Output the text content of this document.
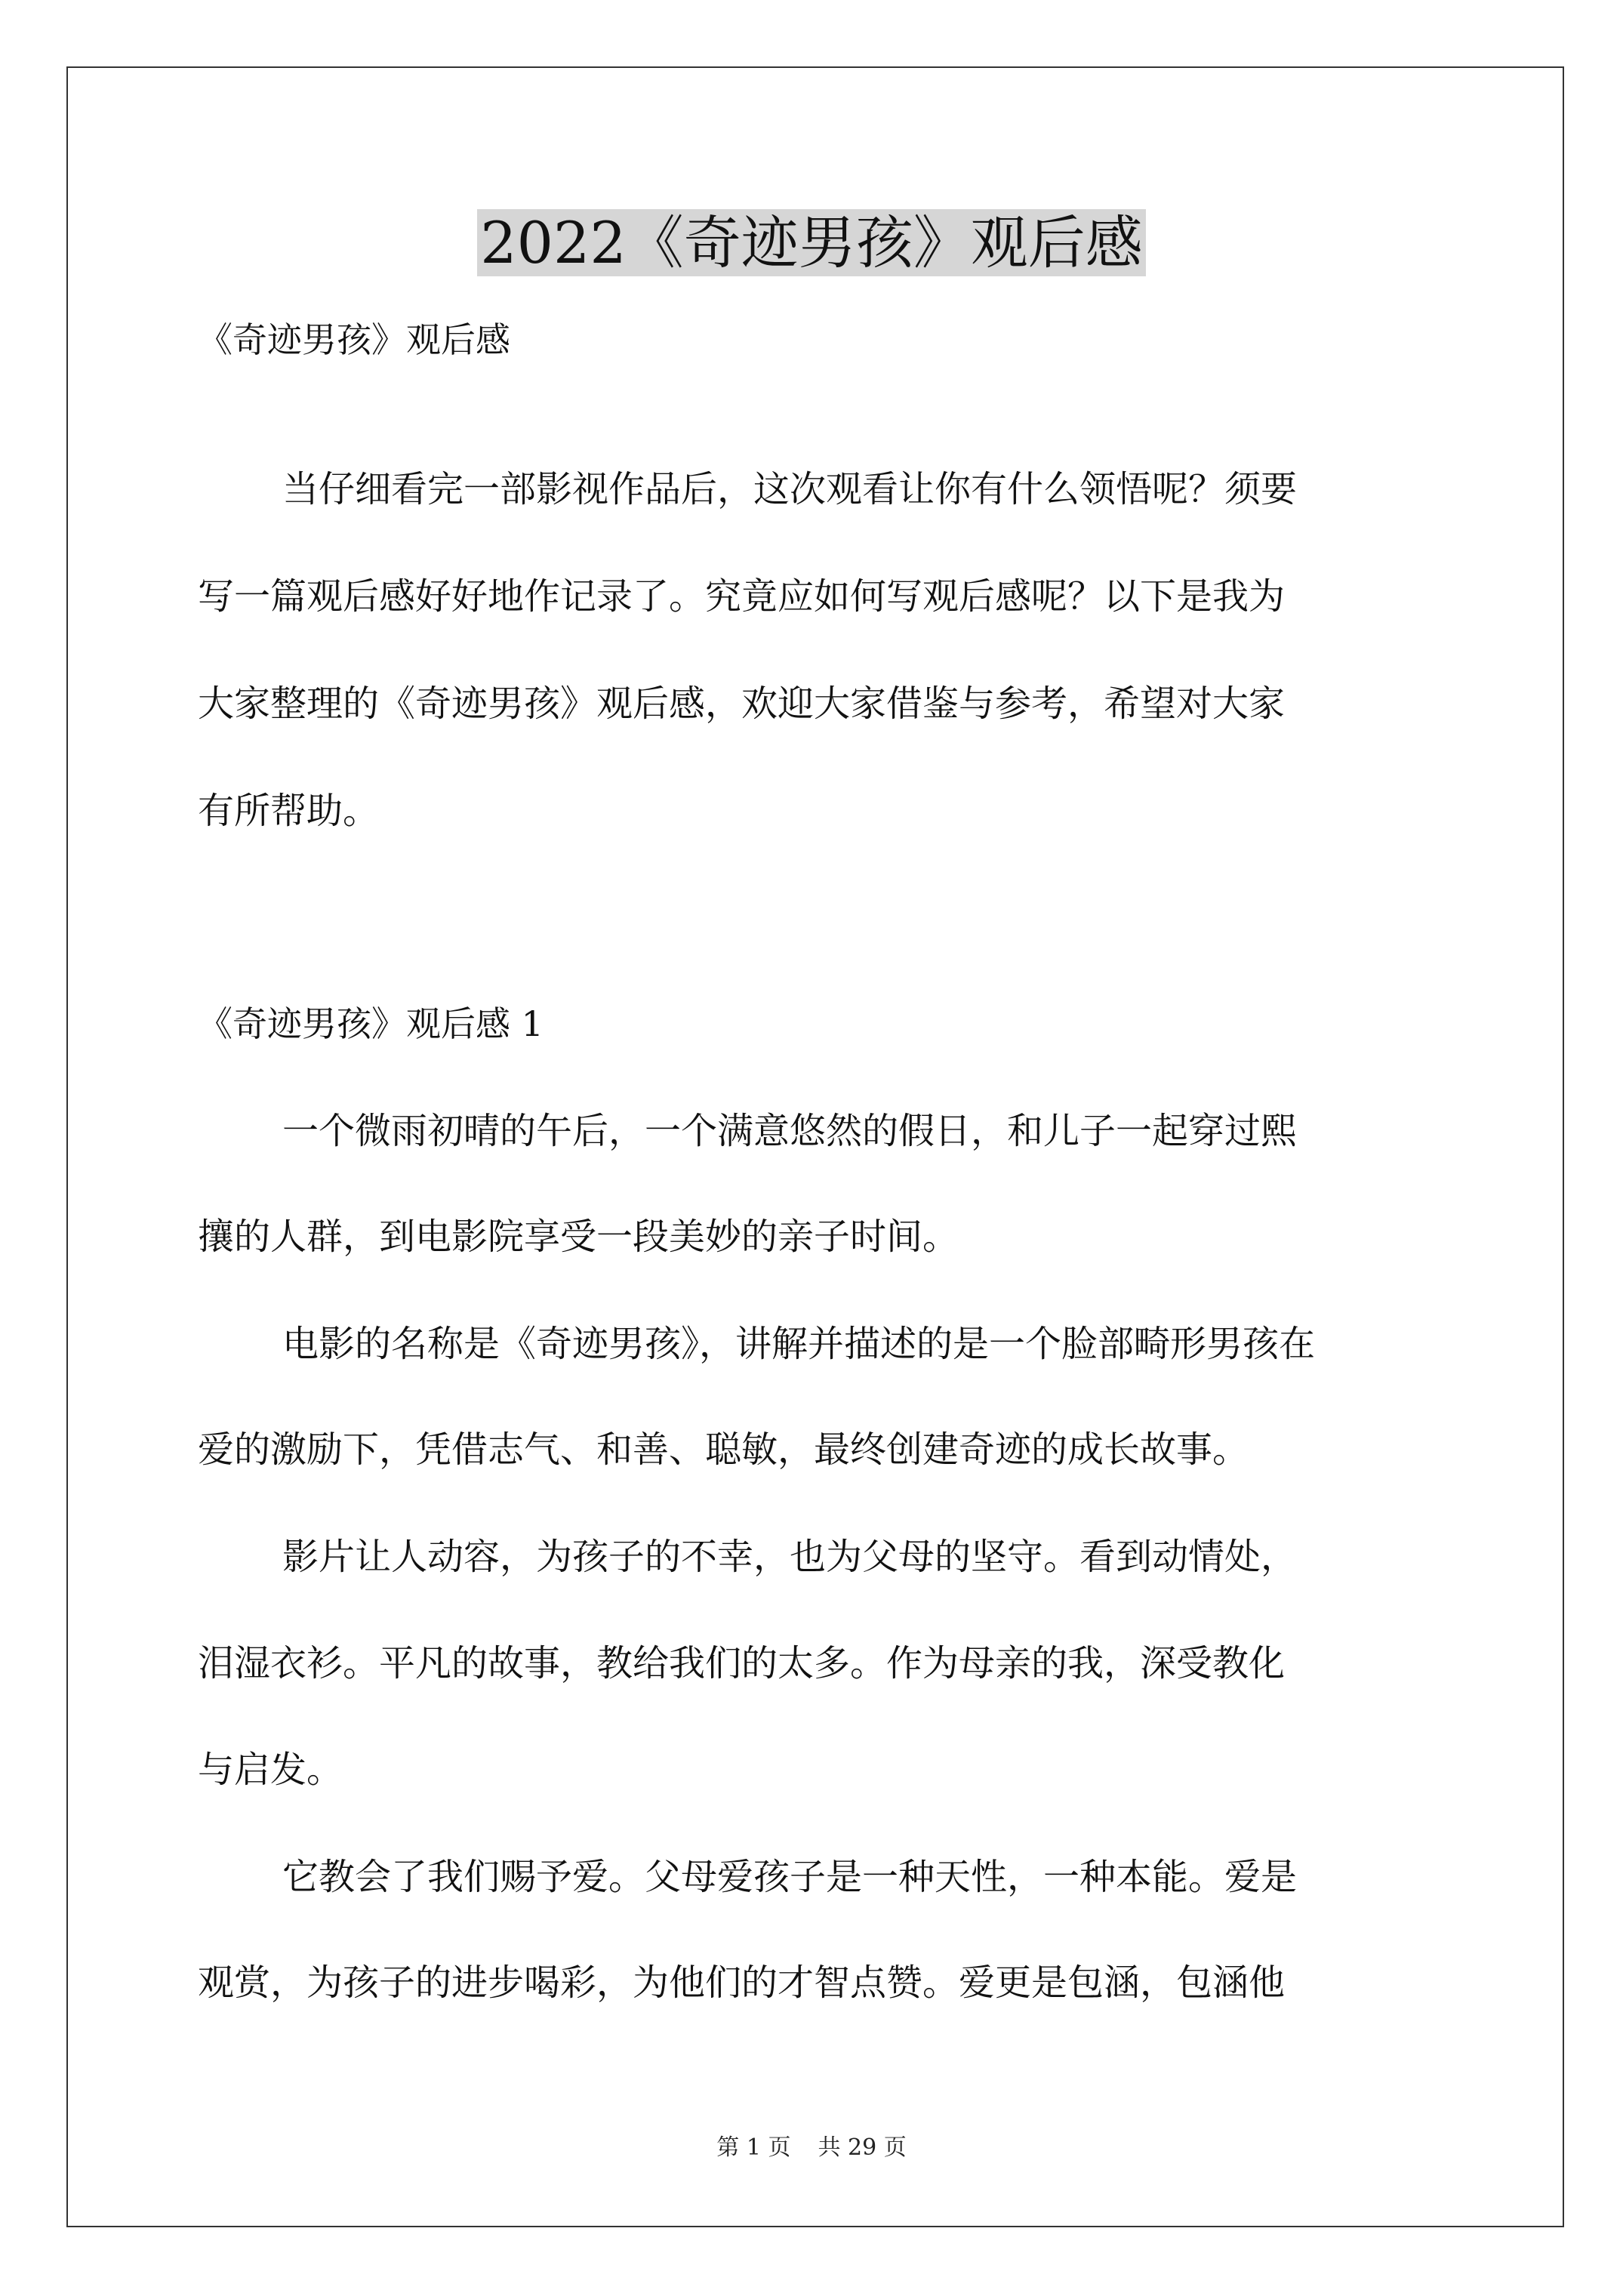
2022《奇迹男孩》观后感
《奇迹男孩》观后感
当仔细看完一部影视作品后，这次观看让你有什么领悟呢？须要
写一篇观后感好好地作记录了。究竟应如何写观后感呢？以下是我为
大家整理的《奇迹男孩》观后感，欢迎大家借鉴与参考，希望对大家
有所帮助。
《奇迹男孩》观后感 1
一个微雨初晴的午后，一个满意悠然的假日，和儿子一起穿过熙
攘的人群，到电影院享受一段美妙的亲子时间。
电影的名称是《奇迹男孩》，讲解并描述的是一个脸部畸形男孩在
爱的激励下，凭借志气、和善、聪敏，最终创建奇迹的成长故事。
影片让人动容，为孩子的不幸，也为父母的坚守。看到动情处，
泪湿衣衫。平凡的故事，教给我们的太多。作为母亲的我，深受教化
与启发。
它教会了我们赐予爱。父母爱孩子是一种天性，一种本能。爱是
观赏，为孩子的进步喝彩，为他们的才智点赞。爱更是包涵，包涵他
第 1 页 共 29 页
